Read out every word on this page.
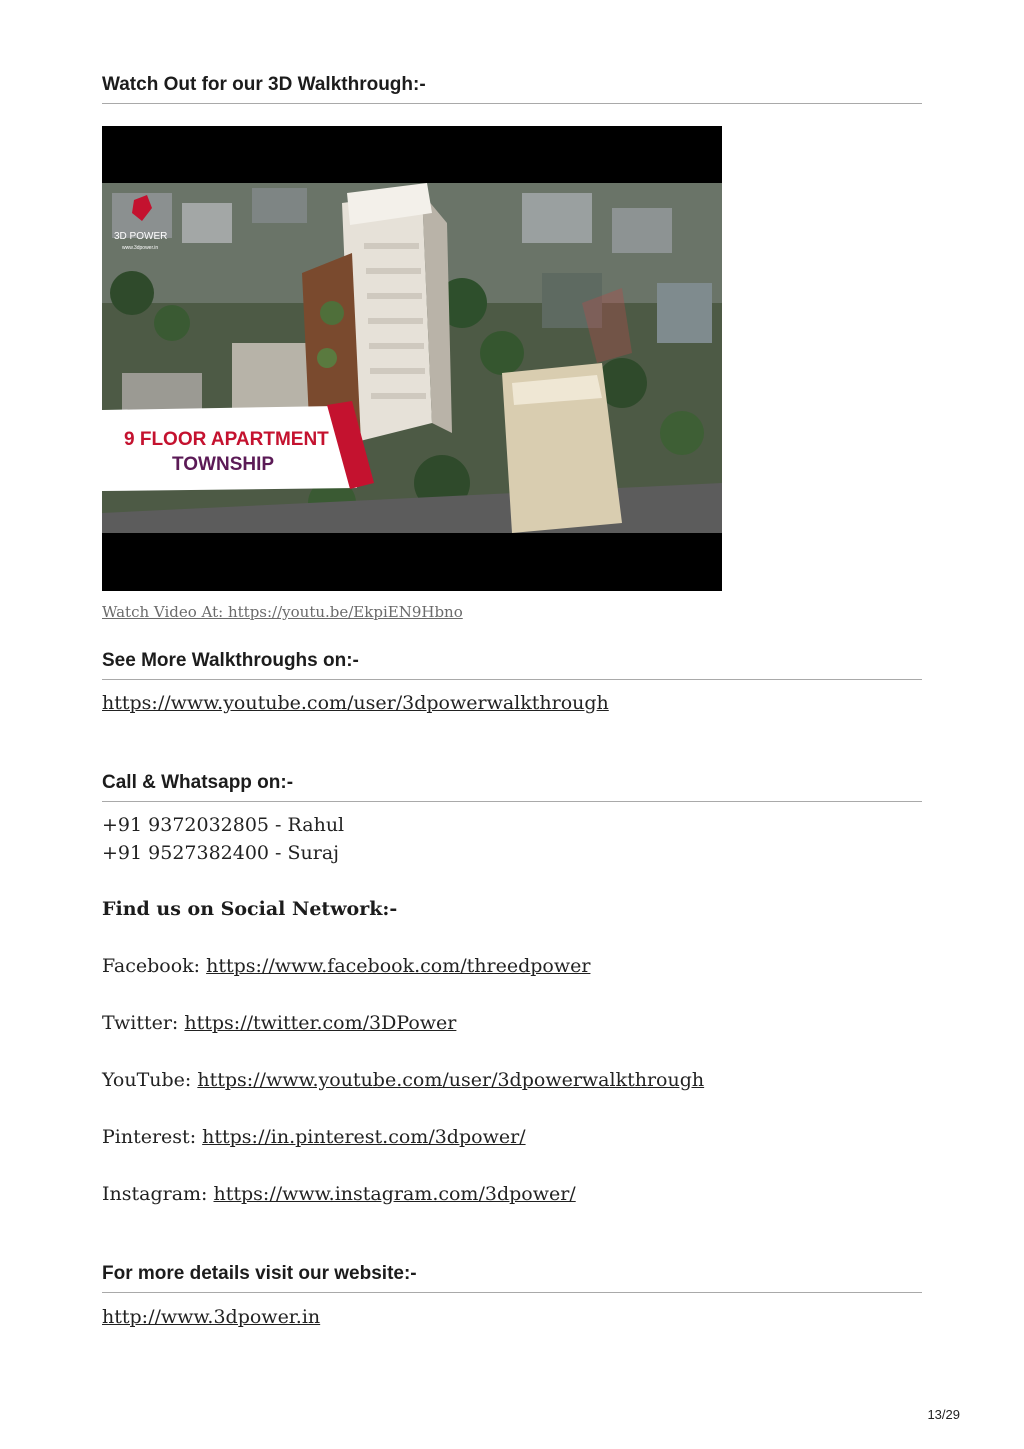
Watch Out for our 3D Walkthrough:-
3D POWER
www.3dpower.in
9 FLOOR APARTMENT
TOWNSHIP
Watch Video At: https://youtu.be/EkpiEN9Hbno
See More Walkthroughs on:-
https://www.youtube.com/user/3dpowerwalkthrough
Call & Whatsapp on:-
+91 9372032805 - Rahul
+91 9527382400 - Suraj
Find us on Social Network:-
Facebook: https://www.facebook.com/threedpower
Twitter: https://twitter.com/3DPower
YouTube: https://www.youtube.com/user/3dpowerwalkthrough
Pinterest: https://in.pinterest.com/3dpower/
Instagram: https://www.instagram.com/3dpower/
For more details visit our website:-
http://www.3dpower.in
13/29
